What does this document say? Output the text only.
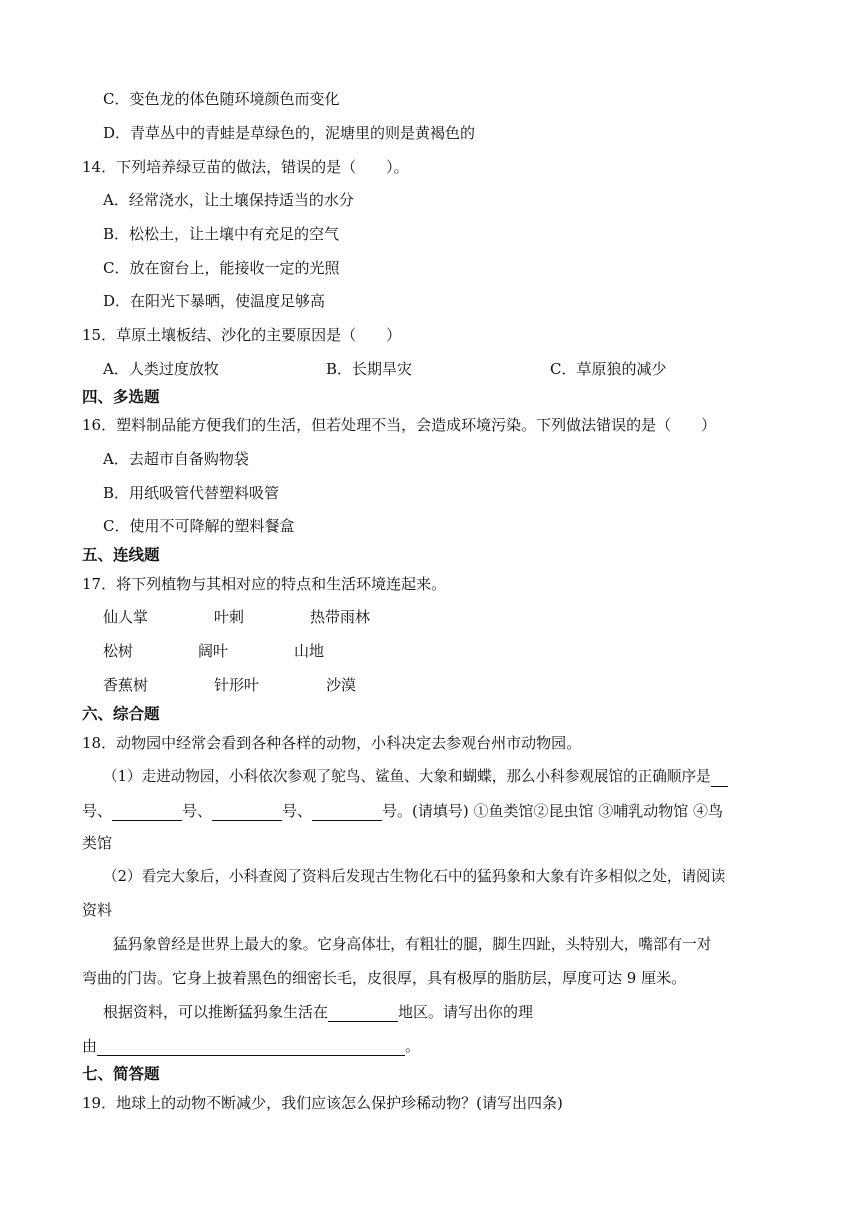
C．变色龙的体色随环境颜色而变化
D．青草丛中的青蛙是草绿色的，泥塘里的则是黄褐色的
14．下列培养绿豆苗的做法，错误的是（　　）。
A．经常浇水，让土壤保持适当的水分
B．松松土，让土壤中有充足的空气
C．放在窗台上，能接收一定的光照
D．在阳光下暴晒，使温度足够高
15．草原土壤板结、沙化的主要原因是（　　）
A．人类过度放牧	B．长期旱灾	C．草原狼的减少
四、多选题
16．塑料制品能方便我们的生活，但若处理不当，会造成环境污染。下列做法错误的是（　　）
A．去超市自备购物袋
B．用纸吸管代替塑料吸管
C．使用不可降解的塑料餐盒
五、连线题
17．将下列植物与其相对应的特点和生活环境连起来。
仙人掌	叶刺	热带雨林
松树	阔叶	山地
香蕉树	针形叶	沙漠
六、综合题
18．动物园中经常会看到各种各样的动物，小科决定去参观台州市动物园。
（1）走进动物园，小科依次参观了鸵鸟、鲨鱼、大象和蝴蝶，那么小科参观展馆的正确顺序是
号、	号、	号、	号。(请填号) ①鱼类馆②昆虫馆 ③哺乳动物馆 ④鸟
类馆
（2）看完大象后，小科查阅了资料后发现古生物化石中的猛犸象和大象有许多相似之处，请阅读
资料
猛犸象曾经是世界上最大的象。它身高体壮，有粗壮的腿，脚生四趾，头特别大，嘴部有一对
弯曲的门齿。它身上披着黑色的细密长毛，皮很厚，具有极厚的脂肪层，厚度可达 9 厘米。
根据资料，可以推断猛犸象生活在	地区。请写出你的理
由	。
七、简答题
19．地球上的动物不断减少，我们应该怎么保护珍稀动物？(请写出四条)
